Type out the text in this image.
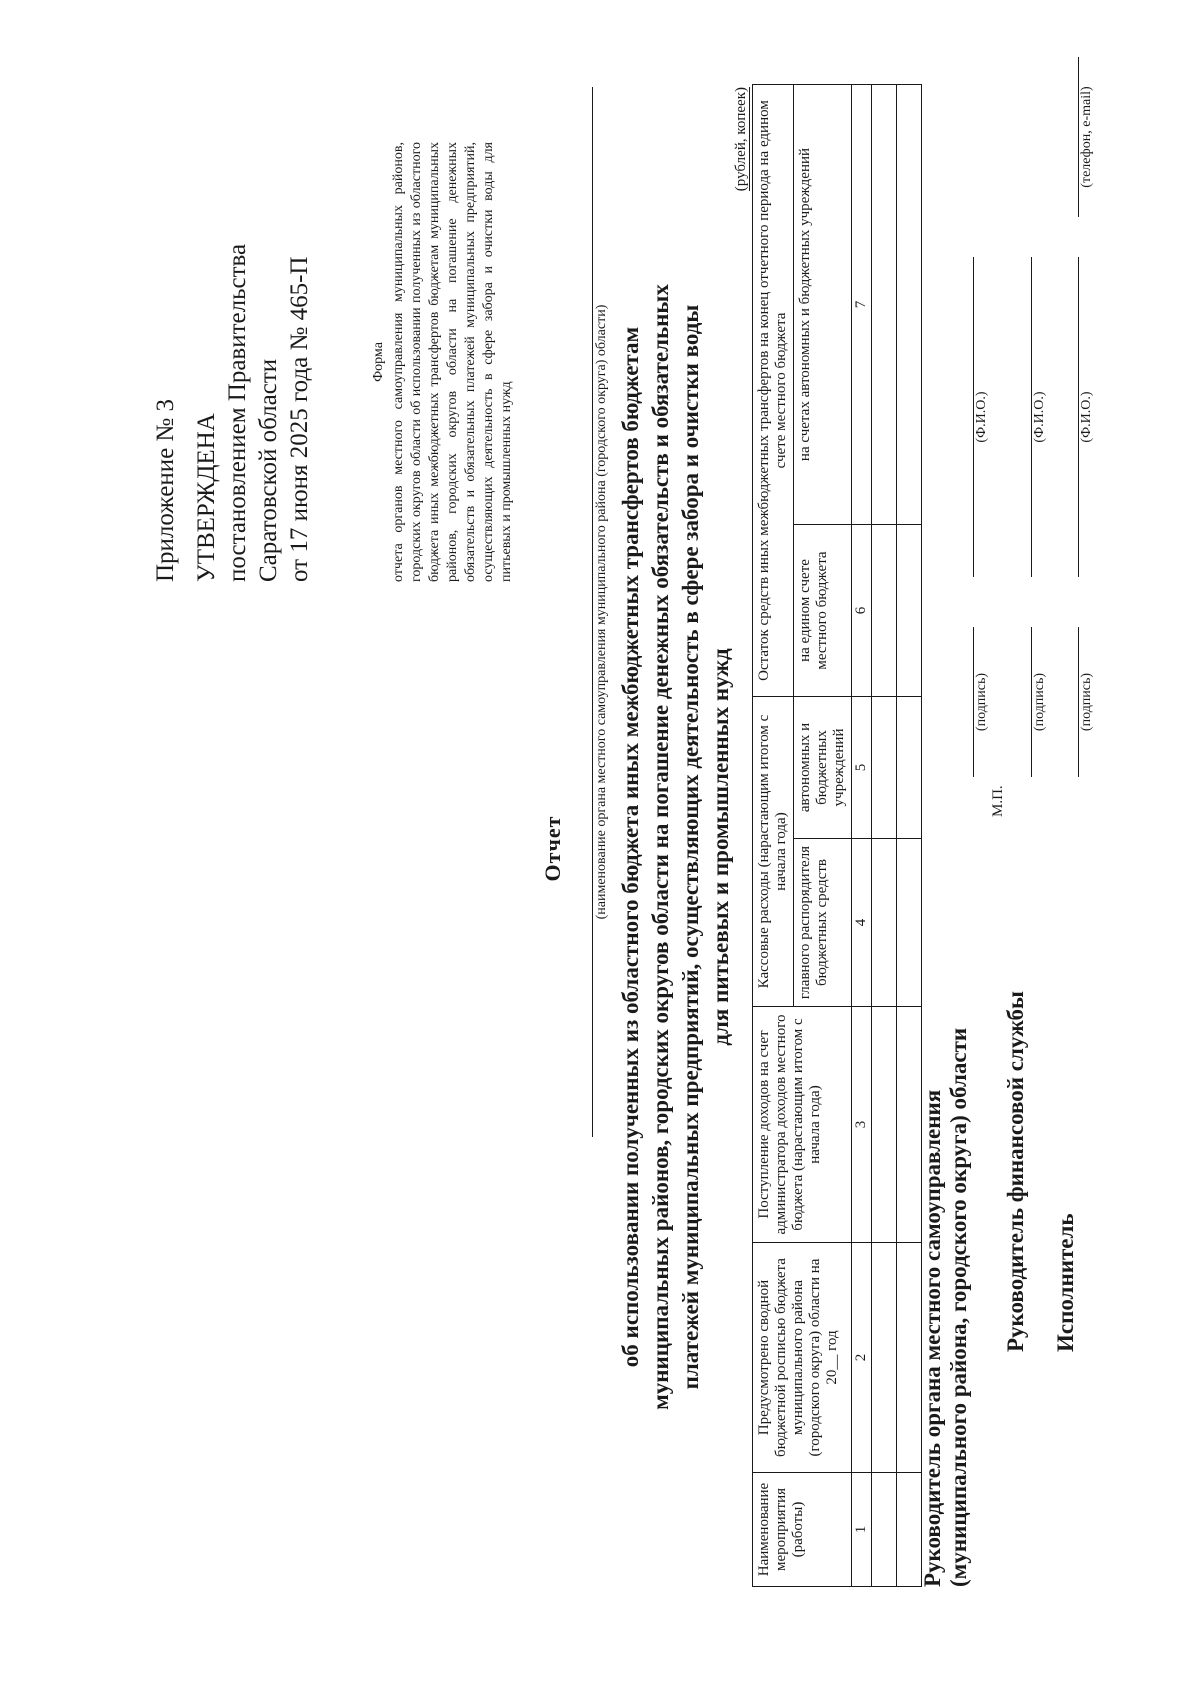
Приложение № 3 УТВЕРЖДЕНА постановлением Правительства Саратовской области от 17 июня 2025 года № 465-П	Форма отчета органов местного самоуправления муниципальных районов, городских округов области об использовании полученных из областного бюджета иных межбюджетных трансфертов бюджетам муниципальных районов, городских округов области на погашение денежных обязательств и обязательных платежей муниципальных предприятий, осуществляющих деятельность в сфере забора и очистки воды для питьевых и промышленных нужд
Отчет (наименование органа местного самоуправления муниципального района (городского округа) области) об использовании полученных из областного бюджета иных межбюджетных трансфертов бюджетам муниципальных районов, городских округов области на погашение денежных обязательств и обязательных платежей муниципальных предприятий, осуществляющих деятельность в сфере забора и очистки воды для питьевых и промышленных нужд
(рублей, копеек)
Наименование мероприятия (работы)	Предусмотрено сводной бюджетной росписью бюджета муниципального района (городского округа) области на 20__ год	Поступление доходов на счет администратора доходов местного бюджета (нарастающим итогом с начала года)	Кассовые расходы (нарастающим итогом с начала года)		Остаток средств иных межбюджетных трансфертов на конец отчетного периода на едином счете местного бюджета	
			главного распорядителя бюджетных средств	автономных и бюджетных учреждений	на едином счете местного бюджета	на счетах автономных и бюджетных учреждений
1	2	3	4	5	6	7

Руководитель органа местного самоуправления (муниципального района, городского округа) области
(подпись)
(Ф.И.О.)
М.П.
Руководитель финансовой службы
(подпись)
(Ф.И.О.)
Исполнитель
(подпись)
(Ф.И.О.)
(телефон, e-mail)
